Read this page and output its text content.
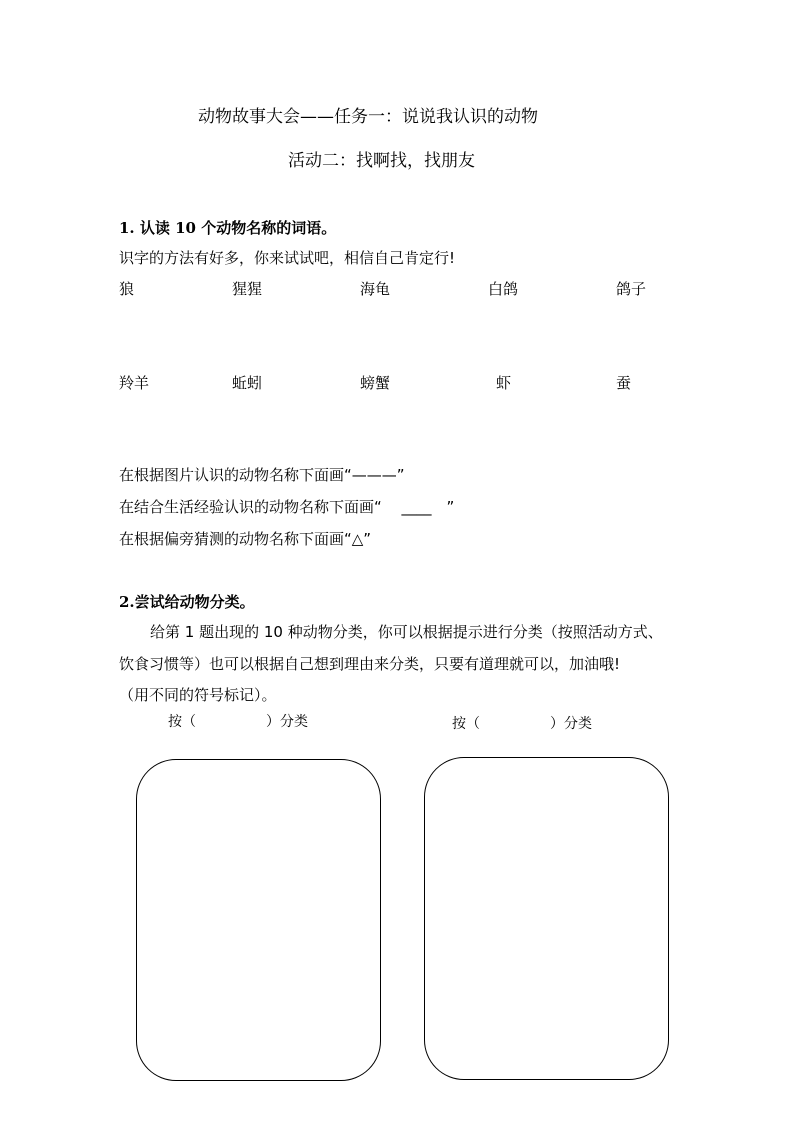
动物故事大会——任务一：说说我认识的动物
活动二：找啊找，找朋友
1. 认读 10 个动物名称的词语。
识字的方法有好多，你来试试吧，相信自己肯定行!
狼	猩猩	海龟	白鸽	鸽子
羚羊	蚯蚓	螃蟹	虾	蚕
在根据图片认识的动物名称下面画“———”
在结合生活经验认识的动物名称下面画“　 ____　”
在根据偏旁猜测的动物名称下面画“△”
2.尝试给动物分类。
给第 1 题出现的 10 种动物分类，你可以根据提示进行分类（按照活动方式、
饮食习惯等）也可以根据自己想到理由来分类，只要有道理就可以，加油哦!
（用不同的符号标记）。
按（　　　　　）分类	按（　　　　　）分类
